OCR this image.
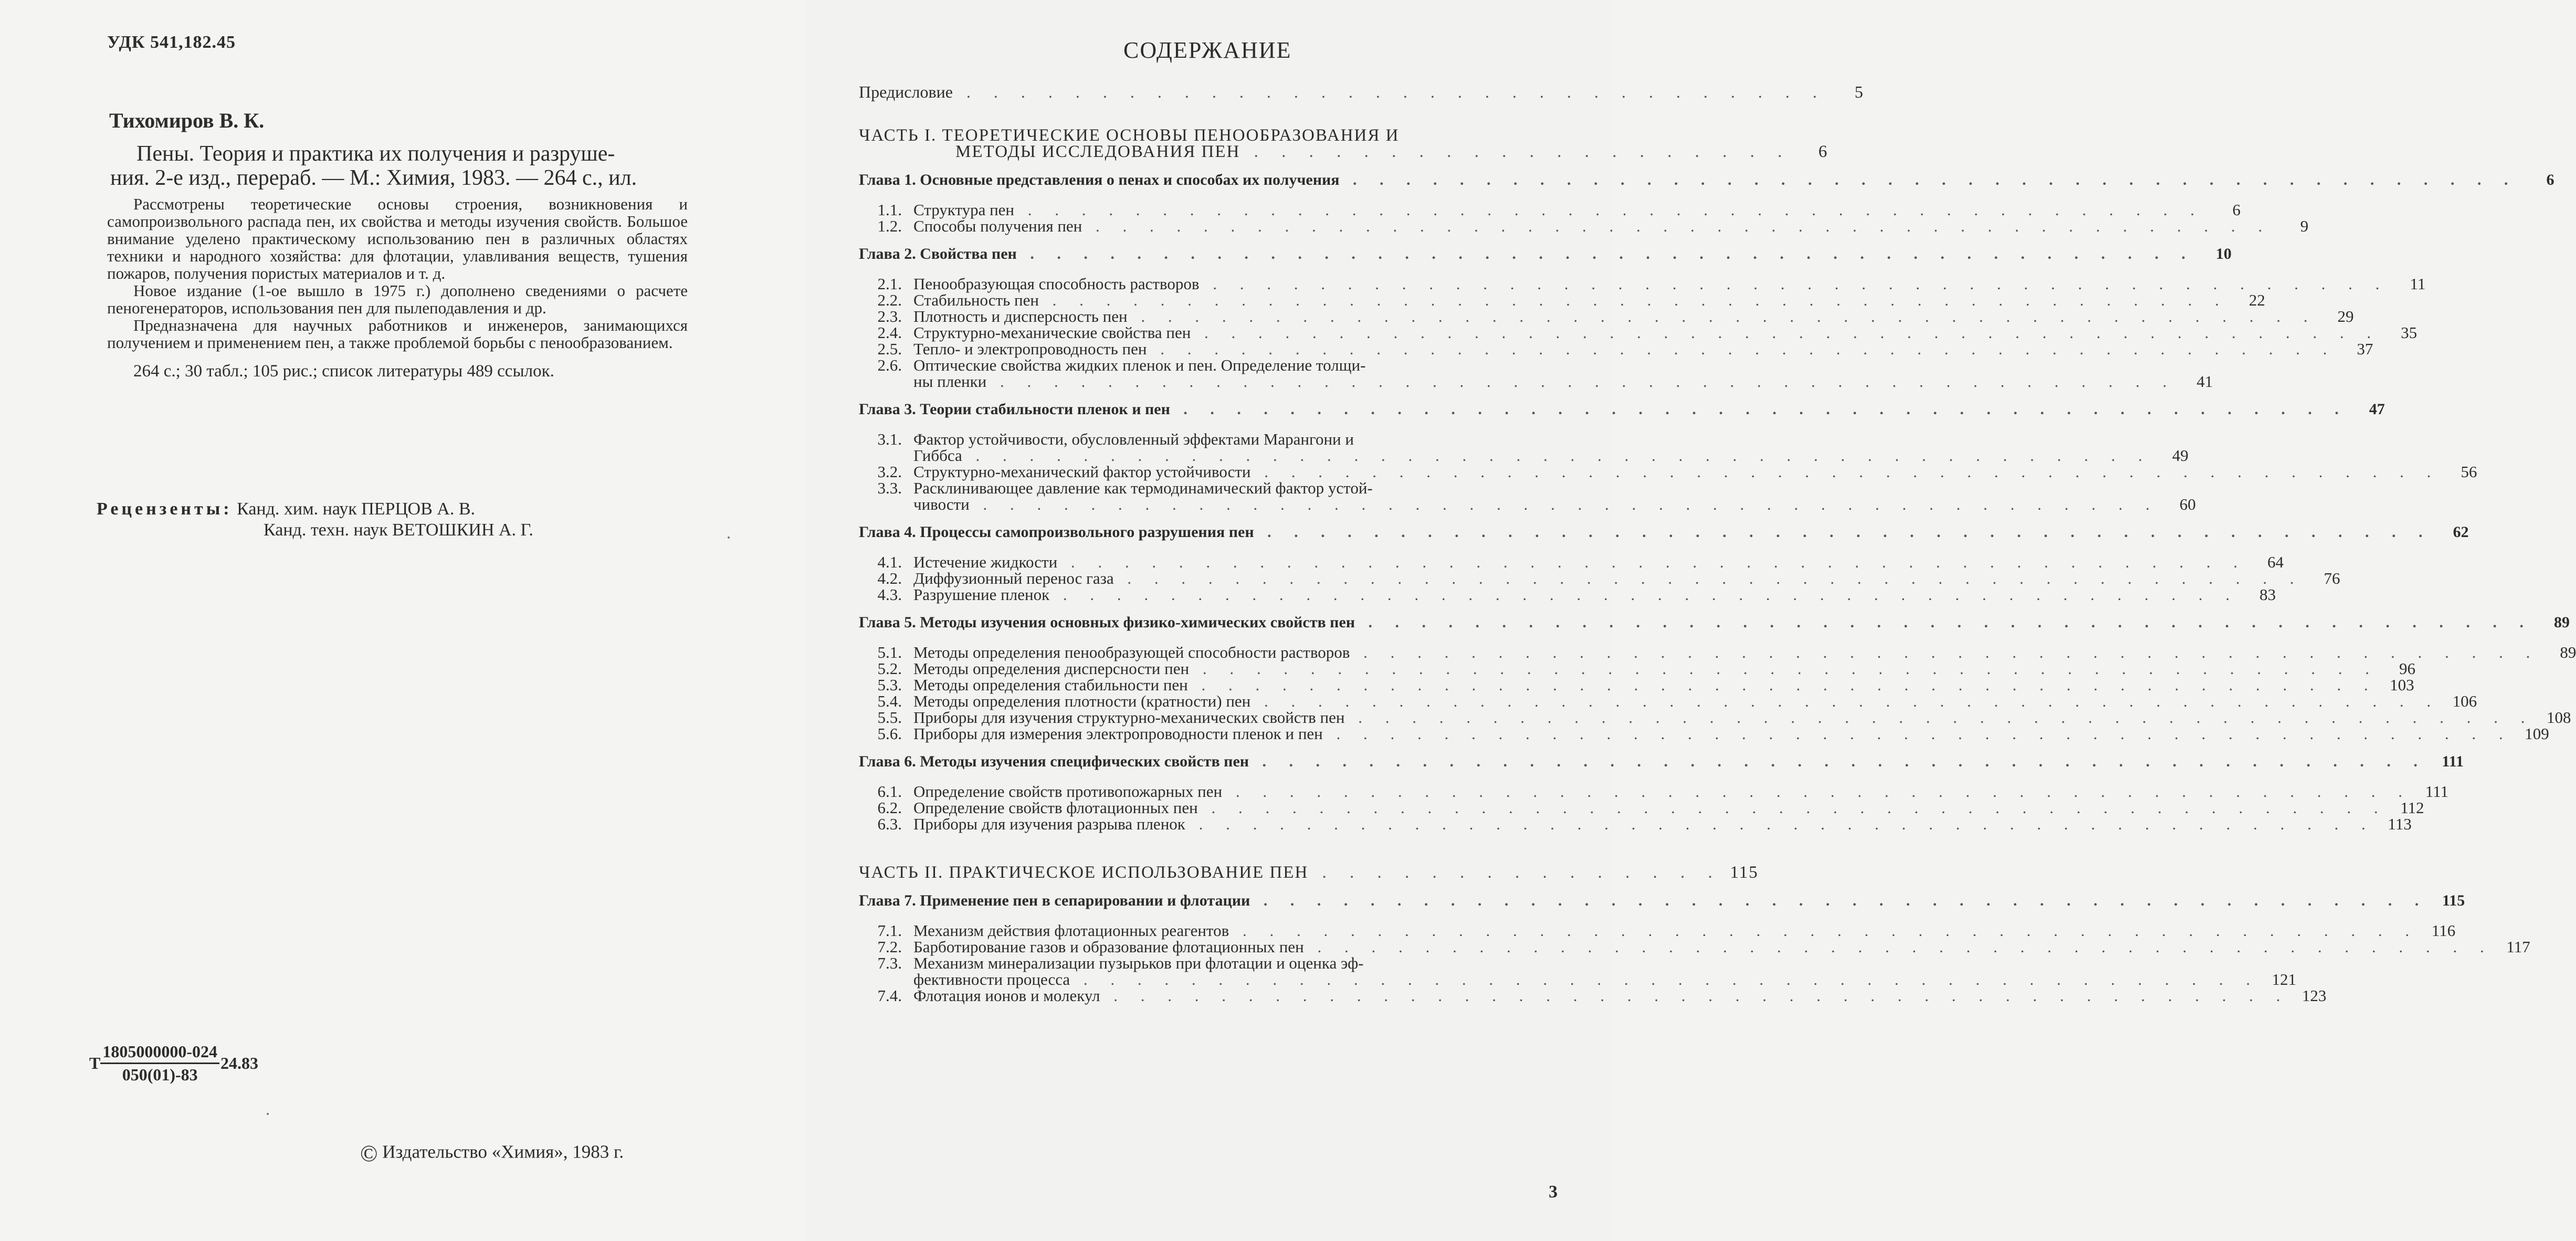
УДК 541,182.45
Тихомиров В. К.
Пены. Теория и практика их получения и разруше-
ния. 2-е изд., перераб. — М.: Химия, 1983. — 264 с., ил.

Рассмотрены теоретические основы строения, возникновения и самопроизвольного распада пен, их свойства и методы изучения свойств. Большое внимание уделено практическому использованию пен в различных областях техники и народного хозяйства: для флотации, улавливания веществ, тушения пожаров, получения пористых материалов и т. д.

Новое издание (1-ое вышло в 1975 г.) дополнено сведениями о расчете пеногенераторов, использования пен для пылеподавления и др.

Предназначена для научных работников и инженеров, занимающихся получением и применением пен, а также проблемой борьбы с пенообразованием.

264 с.; 30 табл.; 105 рис.; список литературы 489 ссылок.

Рецензенты: Канд. хим. наук ПЕРЦОВ А. В.
Канд. техн. наук ВЕТОШКИН А. Г.
Т $\frac{1805000000-024}{050(01)-83} 24.83$
© Издательство «Химия», 1983 г.
СОДЕРЖАНИЕ
3
Предисловие . . . . . . . . . . . . . . . . . . . . . . . . . . . . . . . .	5
ЧАСТЬ I. ТЕОРЕТИЧЕСКИЕ ОСНОВЫ ПЕНООБРАЗОВАНИЯ И
МЕТОДЫ ИССЛЕДОВАНИЯ ПЕН . . . . . . . . . . . . . . . . . . . .	6
Глава 1. Основные представления о пенах и способах их получения . . . . . . . . . . . . . . . . . . . . . . . . . . . . . . . . . . . . . . . . . . . .	6
1.1. Структура пен . . . . . . . . . . . . . . . . . . . . . . . . . . . . . . . . . . . . . . . . . . . .	6
1.2. Способы получения пен . . . . . . . . . . . . . . . . . . . . . . . . . . . . . . . . . . . . . . . . . . . .	9
Глава 2. Свойства пен . . . . . . . . . . . . . . . . . . . . . . . . . . . . . . . . . . . . . . . . . . . .	10
2.1. Пенообразующая способность растворов . . . . . . . . . . . . . . . . . . . . . . . . . . . . . . . . . . . . . . . . . . . .	11
2.2. Стабильность пен . . . . . . . . . . . . . . . . . . . . . . . . . . . . . . . . . . . . . . . . . . . .	22
2.3. Плотность и дисперсность пен . . . . . . . . . . . . . . . . . . . . . . . . . . . . . . . . . . . . . . . . . . . .	29
2.4. Структурно-механические свойства пен . . . . . . . . . . . . . . . . . . . . . . . . . . . . . . . . . . . . . . . . . . . .	35
2.5. Тепло- и электропроводность пен . . . . . . . . . . . . . . . . . . . . . . . . . . . . . . . . . . . . . . . . . . . .	37
2.6. Оптические свойства жидких пленок и пен. Определение толщи-
ны пленки . . . . . . . . . . . . . . . . . . . . . . . . . . . . . . . . . . . . . . . . . . . .	41
Глава 3. Теории стабильности пленок и пен . . . . . . . . . . . . . . . . . . . . . . . . . . . . . . . . . . . . . . . . . . . .	47
3.1. Фактор устойчивости, обусловленный эффектами Марангони и
Гиббса . . . . . . . . . . . . . . . . . . . . . . . . . . . . . . . . . . . . . . . . . . . .	49
3.2. Структурно-механический фактор устойчивости . . . . . . . . . . . . . . . . . . . . . . . . . . . . . . . . . . . . . . . . . . . .	56
3.3. Расклинивающее давление как термодинамический фактор устой-
чивости . . . . . . . . . . . . . . . . . . . . . . . . . . . . . . . . . . . . . . . . . . . .	60
Глава 4. Процессы самопроизвольного разрушения пен . . . . . . . . . . . . . . . . . . . . . . . . . . . . . . . . . . . . . . . . . . . .	62
4.1. Истечение жидкости . . . . . . . . . . . . . . . . . . . . . . . . . . . . . . . . . . . . . . . . . . . .	64
4.2. Диффузионный перенос газа . . . . . . . . . . . . . . . . . . . . . . . . . . . . . . . . . . . . . . . . . . . .	76
4.3. Разрушение пленок . . . . . . . . . . . . . . . . . . . . . . . . . . . . . . . . . . . . . . . . . . . .	83
Глава 5. Методы изучения основных физико-химических свойств пен . . . . . . . . . . . . . . . . . . . . . . . . . . . . . . . . . . . . . . . . . . . .	89
5.1. Методы определения пенообразующей способности растворов . . . . . . . . . . . . . . . . . . . . . . . . . . . . . . . . . . . . . . . . . . . .	89
5.2. Методы определения дисперсности пен . . . . . . . . . . . . . . . . . . . . . . . . . . . . . . . . . . . . . . . . . . . .	96
5.3. Методы определения стабильности пен . . . . . . . . . . . . . . . . . . . . . . . . . . . . . . . . . . . . . . . . . . . . 103
5.4. Методы определения плотности (кратности) пен . . . . . . . . . . . . . . . . . . . . . . . . . . . . . . . . . . . . . . . . . . . . 106
5.5. Приборы для изучения структурно-механических свойств пен . . . . . . . . . . . . . . . . . . . . . . . . . . . . . . . . . . . . . . . . . . . . 108
5.6. Приборы для измерения электропроводности пленок и пен . . . . . . . . . . . . . . . . . . . . . . . . . . . . . . . . . . . . . . . . . . . . 109
Глава 6. Методы изучения специфических свойств пен . . . . . . . . . . . . . . . . . . . . . . . . . . . . . . . . . . . . . . . . . . . . 111
6.1. Определение свойств противопожарных пен . . . . . . . . . . . . . . . . . . . . . . . . . . . . . . . . . . . . . . . . . . . . 111
6.2. Определение свойств флотационных пен . . . . . . . . . . . . . . . . . . . . . . . . . . . . . . . . . . . . . . . . . . . . 112
6.3. Приборы для изучения разрыва пленок . . . . . . . . . . . . . . . . . . . . . . . . . . . . . . . . . . . . . . . . . . . . 113
ЧАСТЬ II. ПРАКТИЧЕСКОЕ ИСПОЛЬЗОВАНИЕ ПЕН . . . . . . . . . . . . . . . 115
Глава 7. Применение пен в сепарировании и флотации . . . . . . . . . . . . . . . . . . . . . . . . . . . . . . . . . . . . . . . . . . . . 115
7.1. Механизм действия флотационных реагентов . . . . . . . . . . . . . . . . . . . . . . . . . . . . . . . . . . . . . . . . . . . . 116
7.2. Барботирование газов и образование флотационных пен . . . . . . . . . . . . . . . . . . . . . . . . . . . . . . . . . . . . . . . . . . . . 117
7.3. Механизм минерализации пузырьков при флотации и оценка эф-
фективности процесса . . . . . . . . . . . . . . . . . . . . . . . . . . . . . . . . . . . . . . . . . . . . 121
7.4. Флотация ионов и молекул . . . . . . . . . . . . . . . . . . . . . . . . . . . . . . . . . . . . . . . . . . . . 123
